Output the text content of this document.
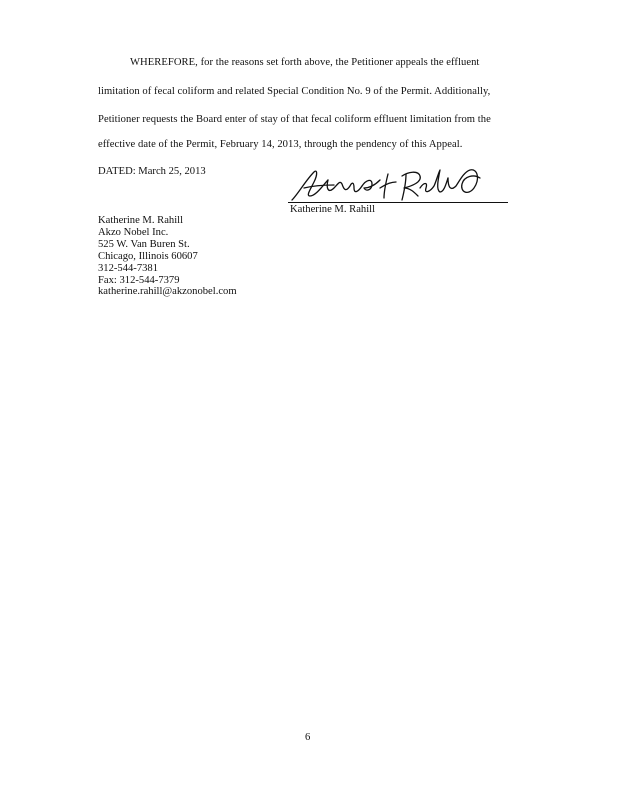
WHEREFORE, for the reasons set forth above, the Petitioner appeals the effluent
limitation of fecal coliform and related Special Condition No. 9 of the Permit. Additionally,
Petitioner requests the Board enter of stay of that fecal coliform effluent limitation from the
effective date of the Permit, February 14, 2013, through the pendency of this Appeal.
DATED: March 25, 2013
Katherine M. Rahill
Katherine M. Rahill
Akzo Nobel Inc.
525 W. Van Buren St.
Chicago, Illinois 60607
312-544-7381
Fax: 312-544-7379
katherine.rahill@akzonobel.com
6
